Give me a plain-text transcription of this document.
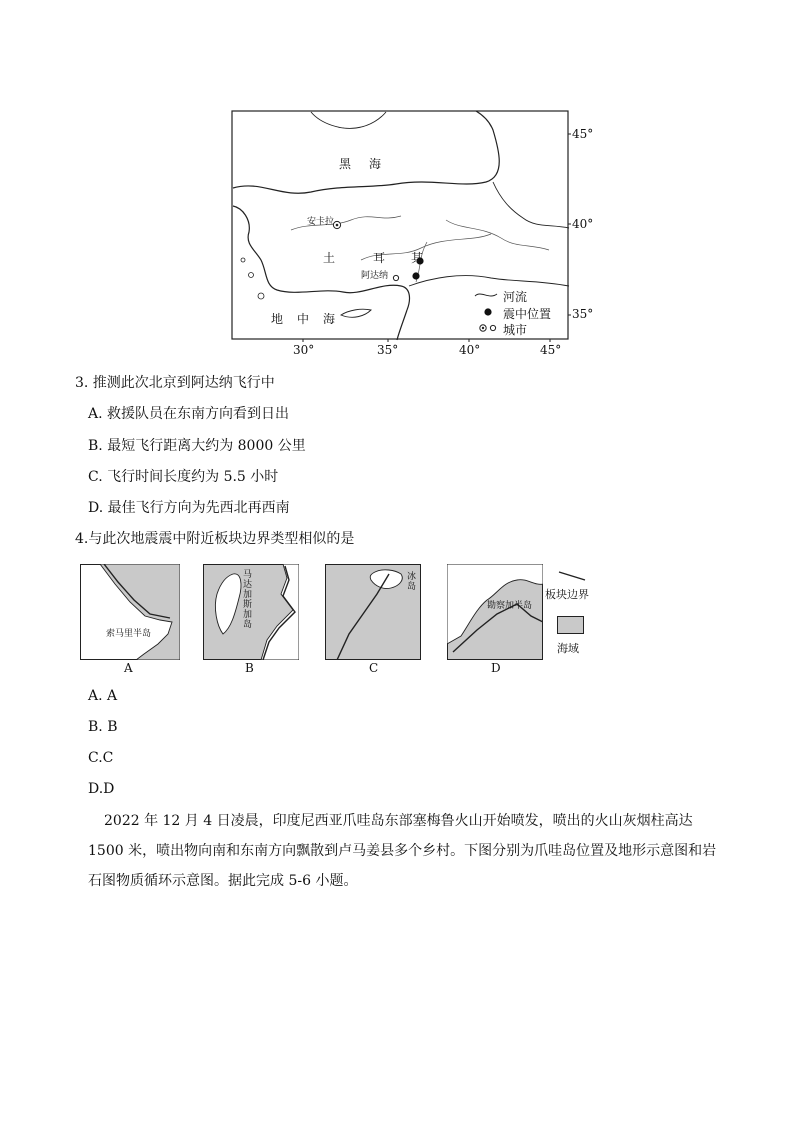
黑 海
地 中 海
土	耳 其
安卡拉
阿达纳
河流
震中位置
城市
45°
40°
35°
30°	35°	40°	45°
3. 推测此次北京到阿达纳飞行中
A. 救援队员在东南方向看到日出
B. 最短飞行距离大约为 8000 公里
C. 飞行时间长度约为 5.5 小时
D. 最佳飞行方向为先西北再西南
4.与此次地震震中附近板块边界类型相似的是
索马里半岛
A
马达加斯加岛
B
冰岛
C
勘察加半岛
D
板块边界
海域
A. A
B. B
C.C
D.D
2022 年 12 月 4 日凌晨，印度尼西亚爪哇岛东部塞梅鲁火山开始喷发，喷出的火山灰烟柱高达 1500 米，喷出物向南和东南方向飘散到卢马姜县多个乡村。下图分别为爪哇岛位置及地形示意图和岩石图物质循环示意图。据此完成 5-6 小题。
